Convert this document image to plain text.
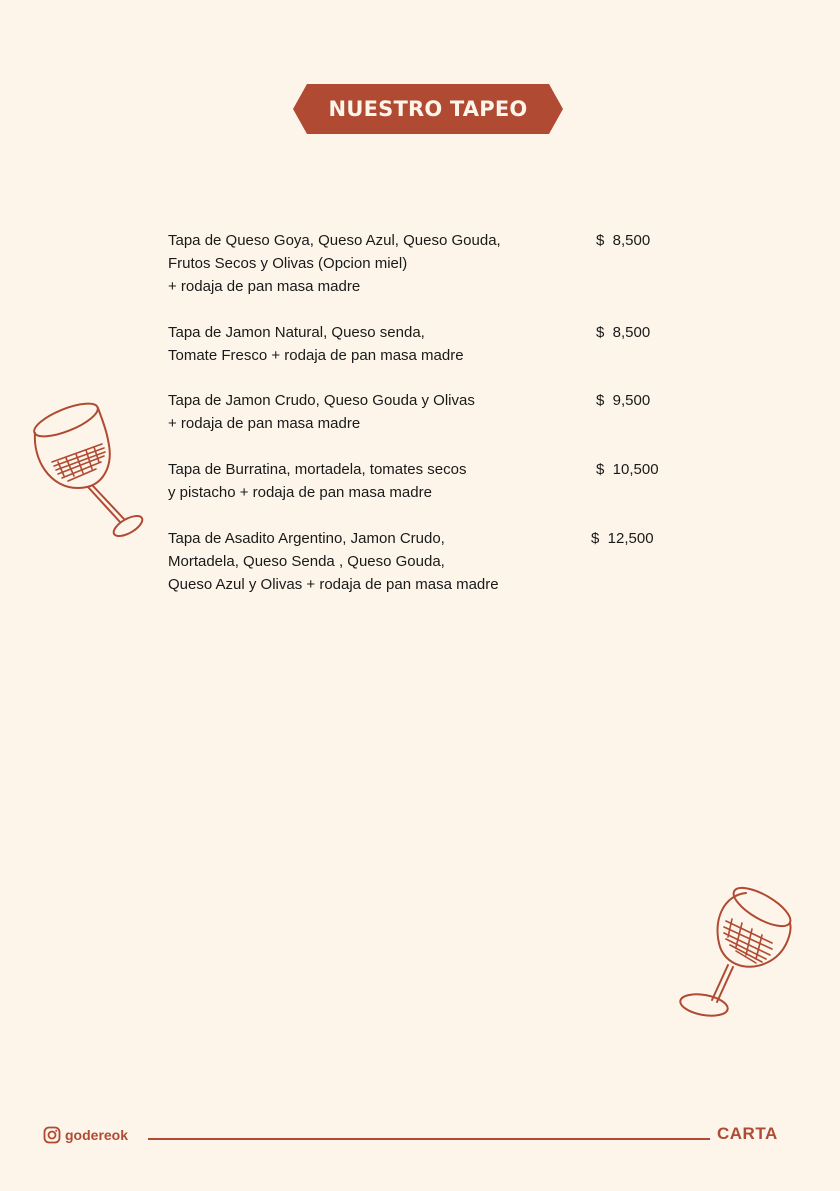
NUESTRO TAPEO
Tapa de Queso Goya, Queso Azul, Queso Gouda,
Frutos Secos y Olivas (Opcion miel)
+ rodaja de pan masa madre
$  8,500
Tapa de Jamon Natural, Queso senda,
Tomate Fresco + rodaja de pan masa madre
$  8,500
Tapa de Jamon Crudo, Queso Gouda y Olivas
+ rodaja de pan masa madre
$  9,500
Tapa de Burratina, mortadela, tomates secos
y pistacho + rodaja de pan masa madre
$  10,500
Tapa de Asadito Argentino, Jamon Crudo,
Mortadela, Queso Senda , Queso Gouda,
Queso Azul y Olivas + rodaja de pan masa madre
$  12,500
godereok	CARTA
